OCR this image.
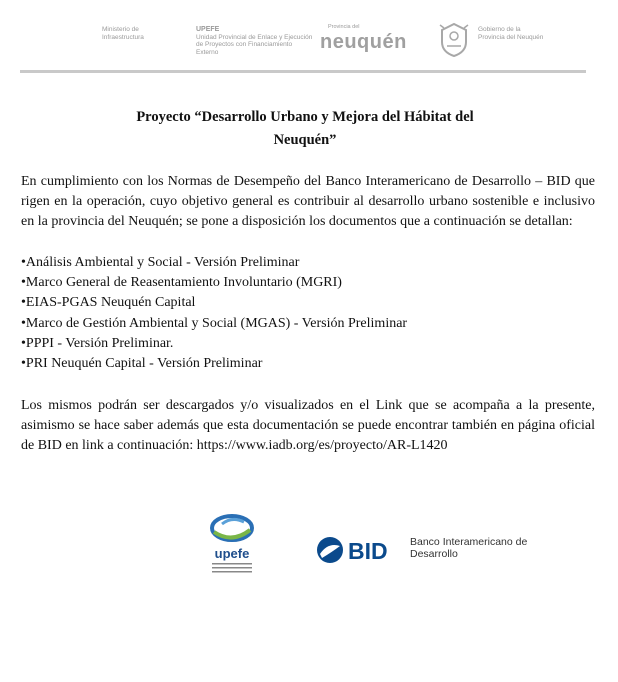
Ministerio de Infraestructura
UPEFE
Unidad Provincial de Enlace y Ejecución de Proyectos con Financiamiento Externo
Provincia del
neuquén
Gobierno de la Provincia del Neuquén
Proyecto “Desarrollo Urbano y Mejora del Hábitat del
Neuquén”
En cumplimiento con los Normas de Desempeño del Banco Interamericano de Desarrollo – BID que rigen en la operación, cuyo objetivo general es contribuir al desarrollo urbano sostenible e inclusivo en la provincia del Neuquén; se pone a disposición los documentos que a continuación se detallan:
• Análisis Ambiental y Social - Versión Preliminar
• Marco General de Reasentamiento Involuntario (MGRI)
• EIAS-PGAS Neuquén Capital
• Marco de Gestión Ambiental y Social (MGAS) - Versión Preliminar
• PPPI - Versión Preliminar.
• PRI Neuquén Capital - Versión Preliminar
Los mismos podrán ser descargados y/o visualizados en el Link que se acompaña a la presente, asimismo se hace saber además que esta documentación se puede encontrar también en página oficial de BID en link a continuación: https://www.iadb.org/es/proyecto/AR-L1420
upefe	BID Banco Interamericano de Desarrollo
